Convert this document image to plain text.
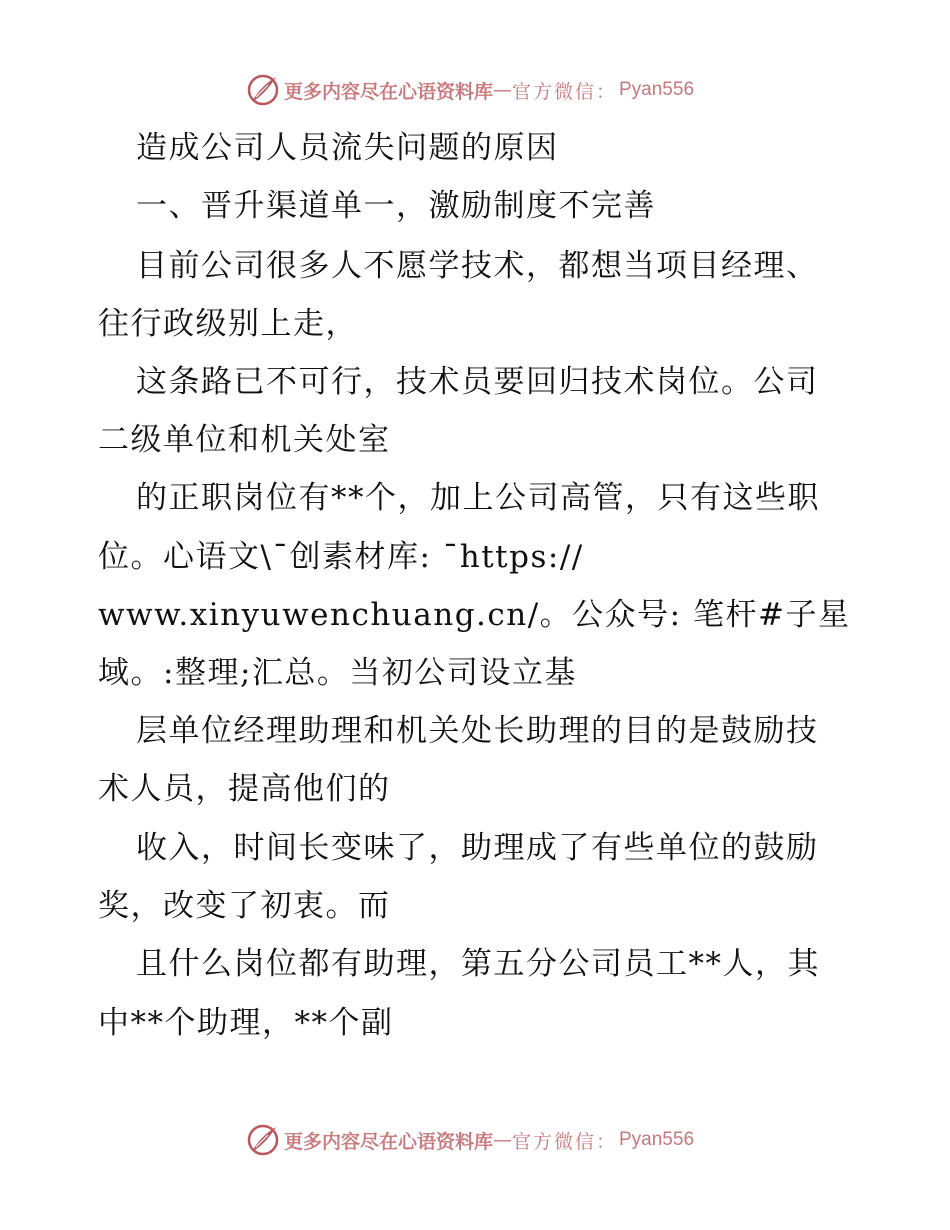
更多内容尽在心语资料库 — 官方微信： Pyan556
造成公司人员流失问题的原因
一、晋升渠道单一，激励制度不完善
目前公司很多人不愿学技术，都想当项目经理、
往行政级别上走，
这条路已不可行，技术员要回归技术岗位。公司
二级单位和机关处室
的正职岗位有**个，加上公司高管，只有这些职
位。心语文\¯创素材库: ¯https://
www.xinyuwenchuang.cn/。公众号: 笔杆#子星
域。:整理;汇总。当初公司设立基
层单位经理助理和机关处长助理的目的是鼓励技
术人员，提高他们的
收入，时间长变味了，助理成了有些单位的鼓励
奖，改变了初衷。而
且什么岗位都有助理，第五分公司员工**人，其
中**个助理，**个副
更多内容尽在心语资料库 — 官方微信： Pyan556
